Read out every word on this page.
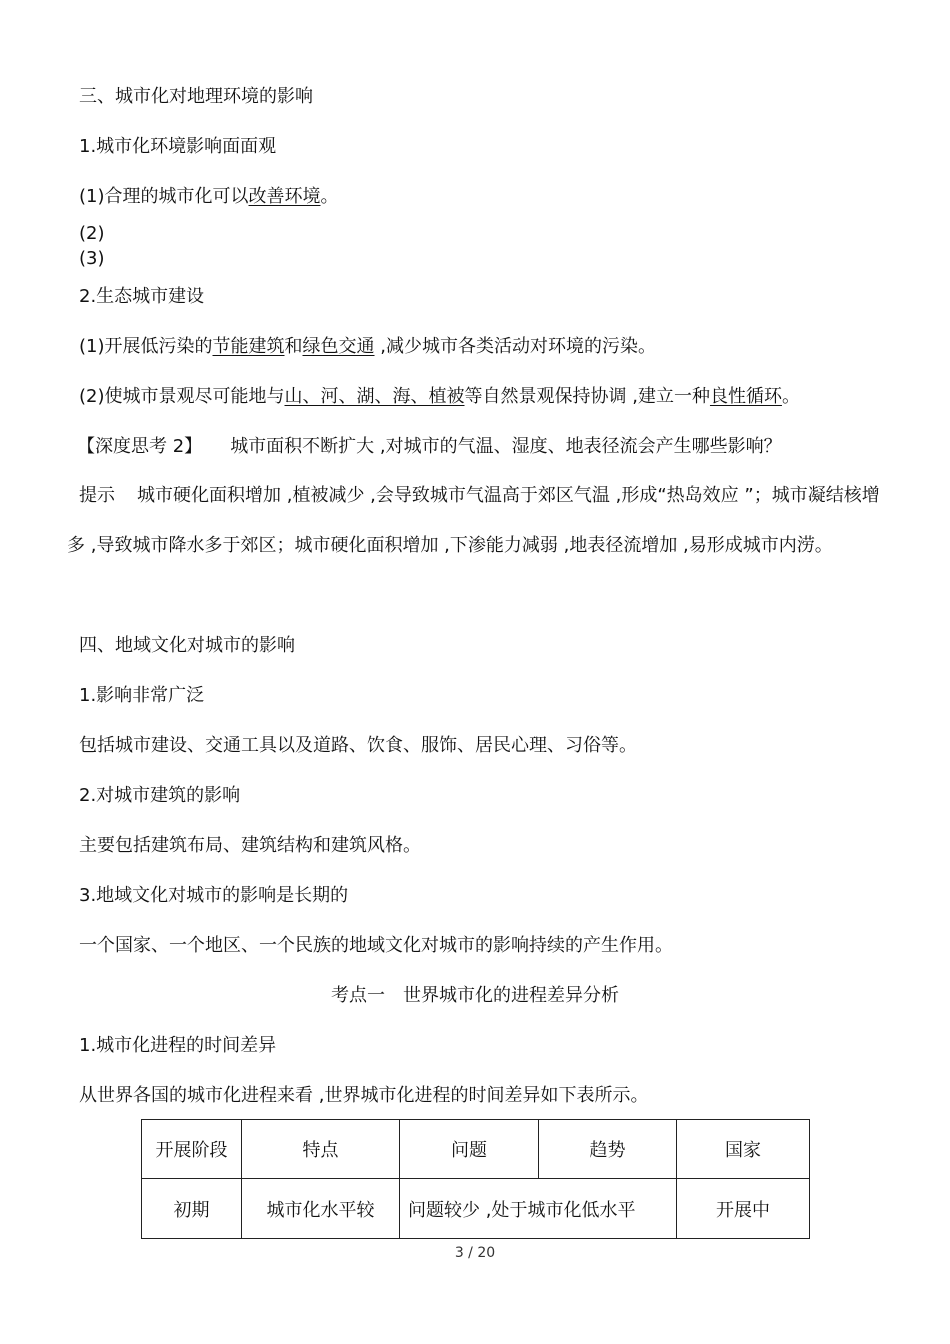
三、城市化对地理环境的影响
1.城市化环境影响面面观
(1)合理的城市化可以改善环境。
(2)
(3)
2.生态城市建设
(1)开展低污染的节能建筑和绿色交通 ,减少城市各类活动对环境的污染。
(2)使城市景观尽可能地与山、河、湖、海、植被等自然景观保持协调 ,建立一种良性循环。
【深度思考 2】 城市面积不断扩大 ,对城市的气温、湿度、地表径流会产生哪些影响？
提示 城市硬化面积增加 ,植被减少 ,会导致城市气温高于郊区气温 ,形成“热岛效应 ”；城市凝结核增多 ,导致城市降水多于郊区；城市硬化面积增加 ,下渗能力减弱 ,地表径流增加 ,易形成城市内涝。
四、地域文化对城市的影响
1.影响非常广泛
包括城市建设、交通工具以及道路、饮食、服饰、居民心理、习俗等。
2.对城市建筑的影响
主要包括建筑布局、建筑结构和建筑风格。
3.地域文化对城市的影响是长期的
一个国家、一个地区、一个民族的地域文化对城市的影响持续的产生作用。
考点一　世界城市化的进程差异分析
1.城市化进程的时间差异
从世界各国的城市化进程来看 ,世界城市化进程的时间差异如下表所示。
开展阶段	特点	问题	趋势	国家
初期	城市化水平较	问题较少 ,处于城市化低水平		开展中
3 / 20
